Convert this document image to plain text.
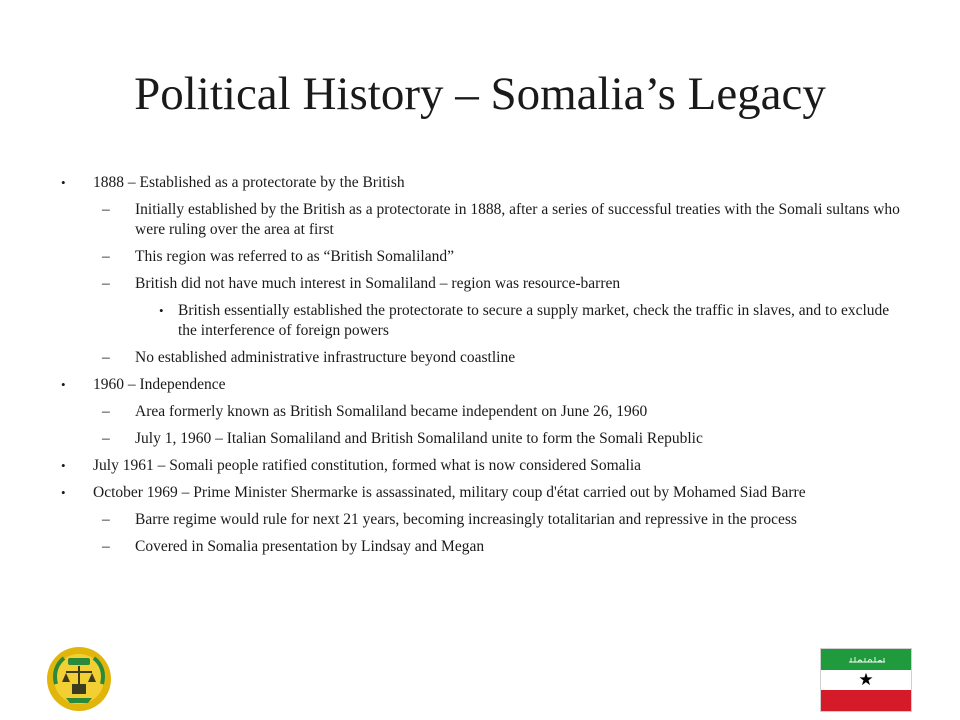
Political History – Somalia’s Legacy
• 1888 – Established as a protectorate by the British
– Initially established by the British as a protectorate in 1888, after a series of successful treaties with the Somali sultans who were ruling over the area at first
– This region was referred to as “British Somaliland”
– British did not have much interest in Somaliland – region was resource-barren
• British essentially established the protectorate to secure a supply market, check the traffic in slaves, and to exclude the interference of foreign powers
– No established administrative infrastructure beyond coastline
• 1960 – Independence
– Area formerly known as British Somaliland became independent on June 26, 1960
– July 1, 1960 – Italian Somaliland and British Somaliland unite to form the Somali Republic
• July 1961 – Somali people ratified constitution, formed what is now considered Somalia
• October 1969 – Prime Minister Shermarke is assassinated, military coup d'état carried out by Mohamed Siad Barre
– Barre regime would rule for next 21 years, becoming increasingly totalitarian and repressive in the process
– Covered in Somalia presentation by Lindsay and Megan
★
